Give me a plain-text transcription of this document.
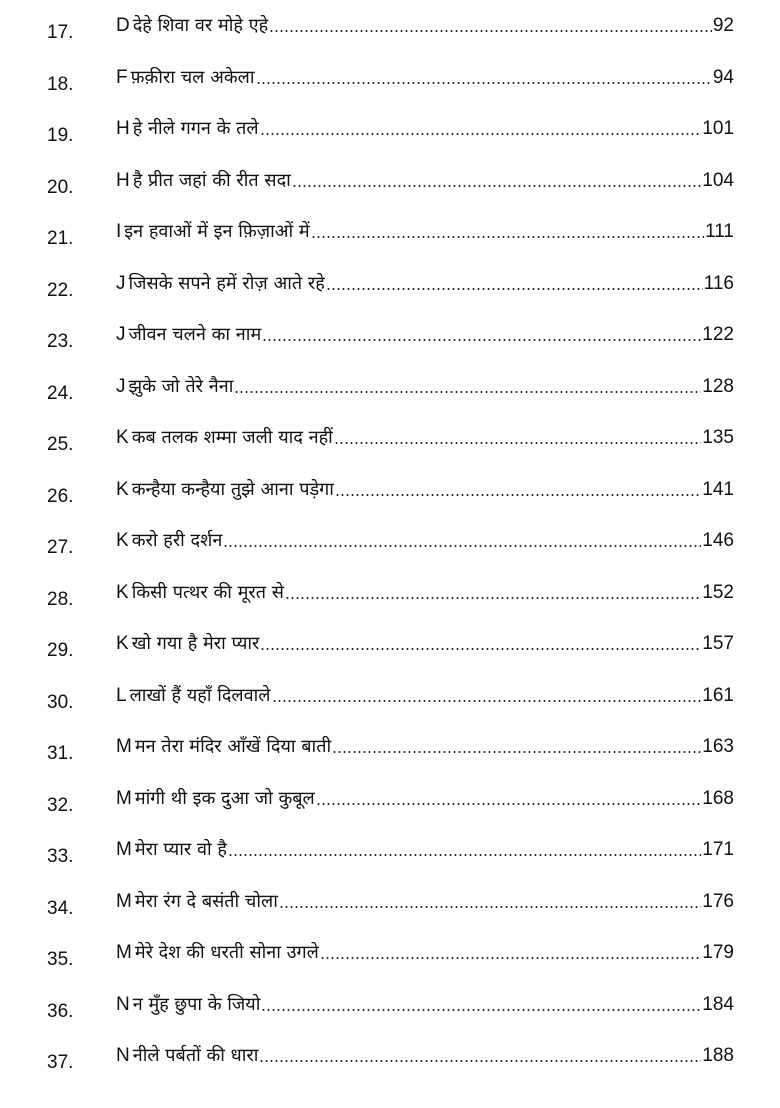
17. D देहे शिवा वर मोहे एहे	92
18. F फ़क़ीरा चल अकेला	94
19. H हे नीले गगन के तले	101
20. H है प्रीत जहां की रीत सदा	104
21. I इन हवाओं में इन फ़िज़ाओं में	111
22. J जिसके सपने हमें रोज़ आते रहे	116
23. J जीवन चलने का नाम	122
24. J झुके जो तेरे नैना	128
25. K कब तलक शम्मा जली याद नहीं	135
26. K कन्हैया कन्हैया तुझे आना पड़ेगा	141
27. K करो हरी दर्शन	146
28. K किसी पत्थर की मूरत से	152
29. K खो गया है मेरा प्यार	157
30. L लाखों हैं यहाँ दिलवाले	161
31. M मन तेरा मंदिर आँखें दिया बाती	163
32. M मांगी थी इक दुआ जो कुबूल	168
33. M मेरा प्यार वो है	171
34. M मेरा रंग दे बसंती चोला	176
35. M मेरे देश की धरती सोना उगले	179
36. N न मुँह छुपा के जियो	184
37. N नीले पर्बतों की धारा	188
